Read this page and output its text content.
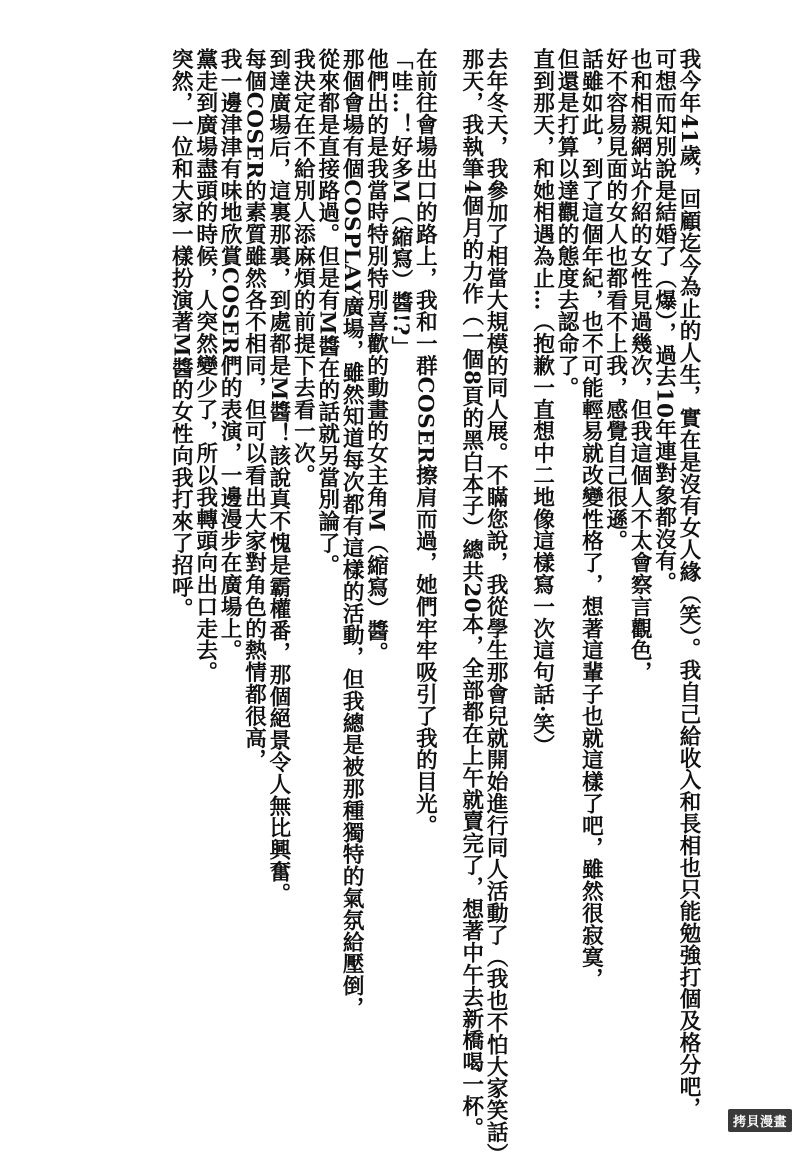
我今年41歲，回顧迄今為止的人生，實在是沒有女人緣（笑）。我自己給收入和長相也只能勉強打個及格分吧，
可想而知別說是結婚了（爆），過去10年連對象都沒有。
也和相親網站介紹的女性見過幾次，但我這個人不太會察言觀色，
好不容易見面的女人也都看不上我，感覺自己很遜。
話雖如此，到了這個年紀，也不可能輕易就改變性格了，想著這輩子也就這樣了吧，雖然很寂寞，
但還是打算以達觀的態度去認命了。
直到那天，和她相遇為止…（抱歉一直想中二地像這樣寫一次這句話·笑）
去年冬天，我參加了相當大規模的同人展。不瞞您說，我從學生那會兒就開始進行同人活動了（我也不怕大家笑話）
那天，我執筆4個月的力作（一個8頁的黑白本子）總共20本，全部都在上午就賣完了，想著中午去新橋喝一杯。
在前往會場出口的路上，我和一群COSER擦肩而過，她們牢牢吸引了我的目光。
「哇…！好多M（縮寫）醬!?」
他們出的是我當時特別特別喜歡的動畫的女主角M（縮寫）醬。
那個會場有個COSPLAY廣場，雖然知道每次都有這樣的活動，但我總是被那種獨特的氣氛給壓倒，
從來都是直接路過。但是有M醬在的話就另當別論了。
我決定在不給別人添麻煩的前提下去看一次。
到達廣場后，這裏那裏，到處都是M醬！該說真不愧是霸權番，那個絕景令人無比興奮。
每個COSER的素質雖然各不相同，但可以看出大家對角色的熱情都很高，
我一邊津津有味地欣賞COSER們的表演，一邊漫步在廣場上。
黨走到廣場盡頭的時候，人突然變少了，所以我轉頭向出口走去。
突然，一位和大家一樣扮演著M醬的女性向我打來了招呼。
拷貝漫畫
